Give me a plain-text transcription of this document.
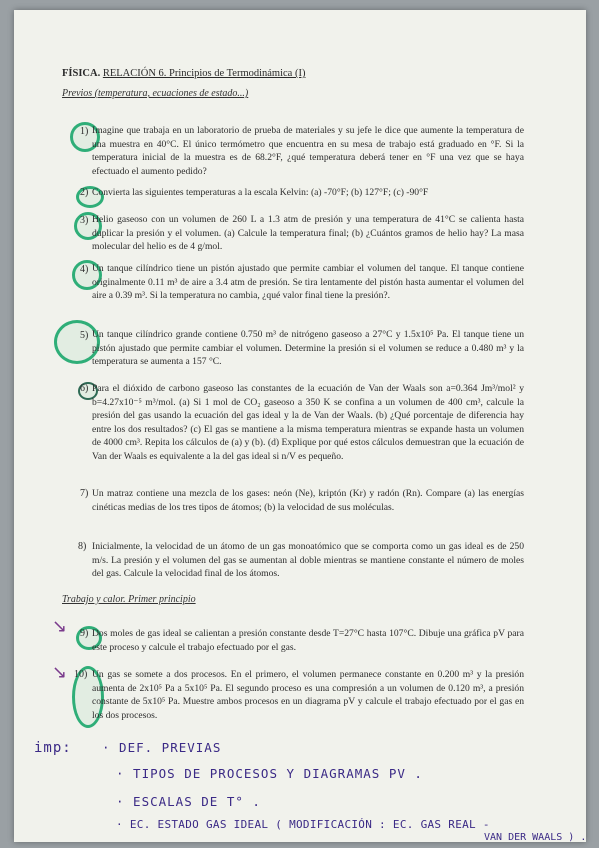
FÍSICA. RELACIÓN 6. Principios de Termodinámica (I)
Previos (temperatura, ecuaciones de estado...)
↘
↘
1) Imagine que trabaja en un laboratorio de prueba de materiales y su jefe le dice que aumente la temperatura de una muestra en 40°C. El único termómetro que encuentra en su mesa de trabajo está graduado en °F. Si la temperatura inicial de la muestra es de 68.2°F, ¿qué temperatura deberá tener en °F una vez que se haya efectuado el aumento pedido?
2) Convierta las siguientes temperaturas a la escala Kelvin: (a) -70°F; (b) 127°F; (c) -90°F
3) Helio gaseoso con un volumen de 260 L a 1.3 atm de presión y una temperatura de 41°C se calienta hasta duplicar la presión y el volumen. (a) Calcule la temperatura final; (b) ¿Cuántos gramos de helio hay? La masa molecular del helio es de 4 g/mol.
4) Un tanque cilíndrico tiene un pistón ajustado que permite cambiar el volumen del tanque. El tanque contiene originalmente 0.11 m³ de aire a 3.4 atm de presión. Se tira lentamente del pistón hasta aumentar el volumen del aire a 0.39 m³. Si la temperatura no cambia, ¿qué valor final tiene la presión?.
5) Un tanque cilíndrico grande contiene 0.750 m³ de nitrógeno gaseoso a 27°C y 1.5x10⁵ Pa. El tanque tiene un pistón ajustado que permite cambiar el volumen. Determine la presión si el volumen se reduce a 0.480 m³ y la temperatura se aumenta a 157 °C.
6) Para el dióxido de carbono gaseoso las constantes de la ecuación de Van der Waals son a=0.364 Jm³/mol² y b=4.27x10⁻⁵ m³/mol. (a) Si 1 mol de CO₂ gaseoso a 350 K se confina a un volumen de 400 cm³, calcule la presión del gas usando la ecuación del gas ideal y la de Van der Waals. (b) ¿Qué porcentaje de diferencia hay entre los dos resultados? (c) El gas se mantiene a la misma temperatura mientras se expande hasta un volumen de 4000 cm³. Repita los cálculos de (a) y (b). (d) Explique por qué estos cálculos demuestran que la ecuación de Van der Waals es equivalente a la del gas ideal si n/V es pequeño.
7) Un matraz contiene una mezcla de los gases: neón (Ne), kriptón (Kr) y radón (Rn). Compare (a) las energías cinéticas medias de los tres tipos de átomos; (b) la velocidad de sus moléculas.
8) Inicialmente, la velocidad de un átomo de un gas monoatómico que se comporta como un gas ideal es de 250 m/s. La presión y el volumen del gas se aumentan al doble mientras se mantiene constante el número de moles del gas. Calcule la velocidad final de los átomos.
Trabajo y calor. Primer principio
9) Dos moles de gas ideal se calientan a presión constante desde T=27°C hasta 107°C. Dibuje una gráfica pV para este proceso y calcule el trabajo efectuado por el gas.
10) Un gas se somete a dos procesos. En el primero, el volumen permanece constante en 0.200 m³ y la presión aumenta de 2x10⁵ Pa a 5x10⁵ Pa. El segundo proceso es una compresión a un volumen de 0.120 m³, a presión constante de 5x10⁵ Pa. Muestre ambos procesos en un diagrama pV y calcule el trabajo efectuado por el gas en los dos procesos.
imp: · DEF. PREVIAS
· TIPOS DE PROCESOS Y DIAGRAMAS PV .
· ESCALAS DE T° .
· EC. ESTADO GAS IDEAL ( MODIFICACIÓN : EC. GAS REAL -
VAN DER WAALS ) .
